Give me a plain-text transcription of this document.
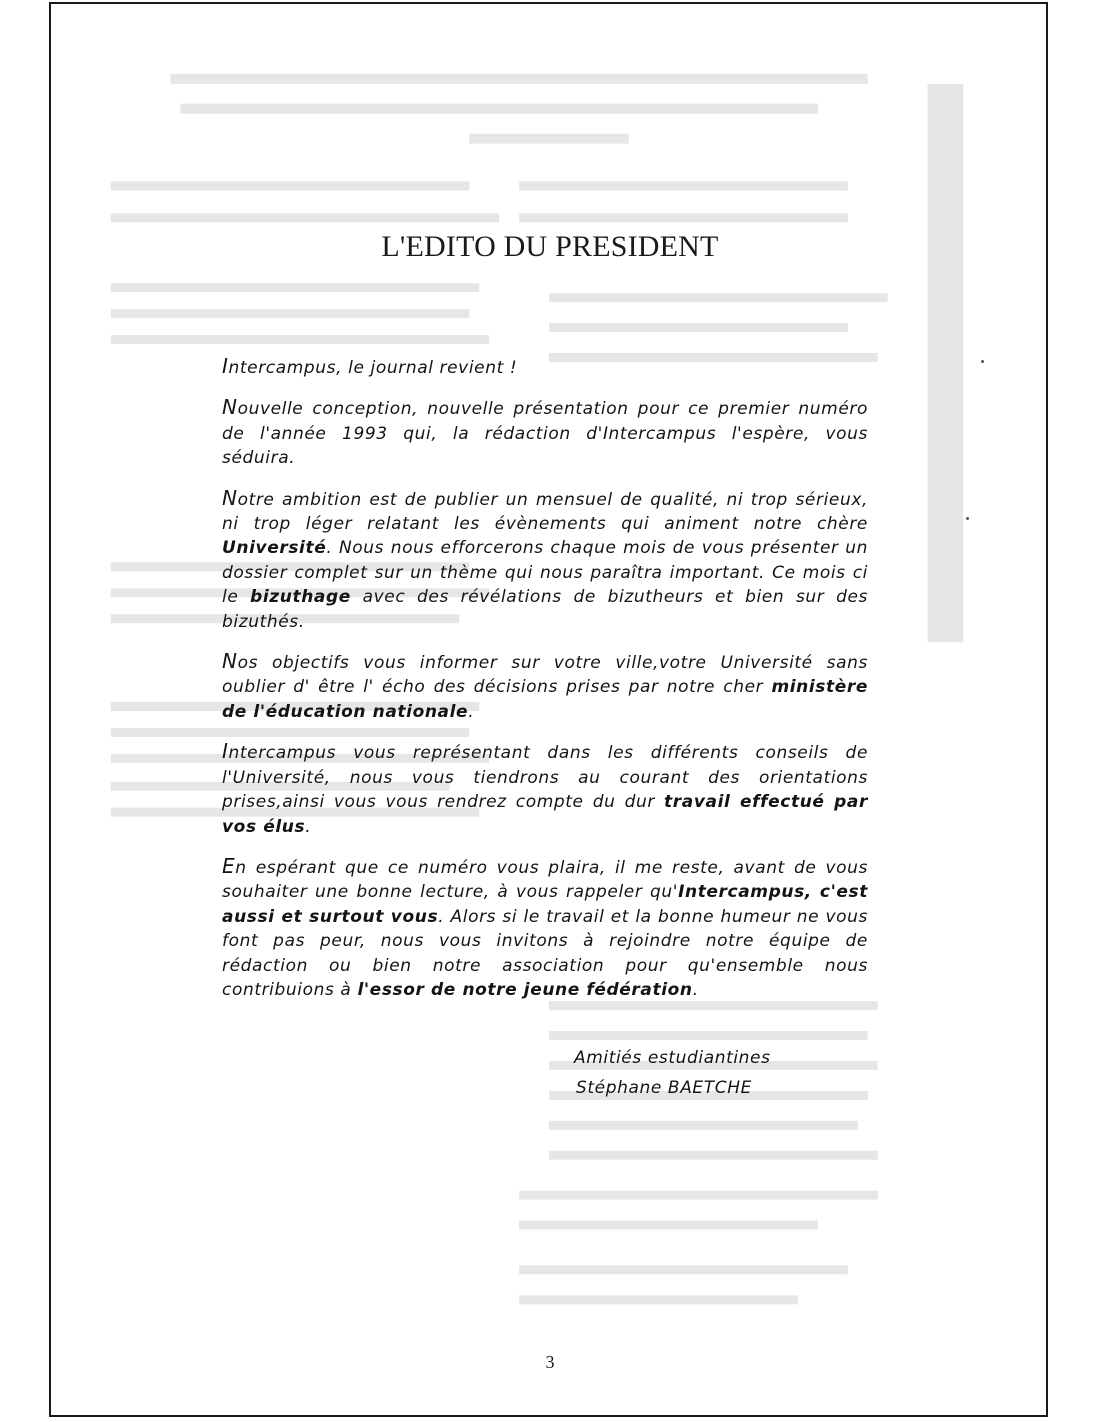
L'EDITO DU PRESIDENT

Intercampus, le journal revient !

Nouvelle conception, nouvelle présentation pour ce premier numéro de l'année 1993 qui, la rédaction d'Intercampus l'espère, vous séduira.

Notre ambition est de publier un mensuel de qualité, ni trop sérieux, ni trop léger relatant les évènements qui animent notre chère Université. Nous nous efforcerons chaque mois de vous présenter un dossier complet sur un thème qui nous paraîtra important. Ce mois ci le bizuthage avec des révélations de bizutheurs et bien sur des bizuthés.

Nos objectifs vous informer sur votre ville,votre Université sans oublier d' être l' écho des décisions prises par notre cher ministère de l'éducation nationale.

Intercampus vous représentant dans les différents conseils de l'Université, nous vous tiendrons au courant des orientations prises,ainsi vous vous rendrez compte du dur travail effectué par vos élus.

En espérant que ce numéro vous plaira, il me reste, avant de vous souhaiter une bonne lecture, à vous rappeler qu'Intercampus, c'est aussi et surtout vous. Alors si le travail et la bonne humeur ne vous font pas peur, nous vous invitons à rejoindre notre équipe de rédaction ou bien notre association pour qu'ensemble nous contribuions à l'essor de notre jeune fédération.

Amitiés estudiantines
Stéphane BAETCHE
3
